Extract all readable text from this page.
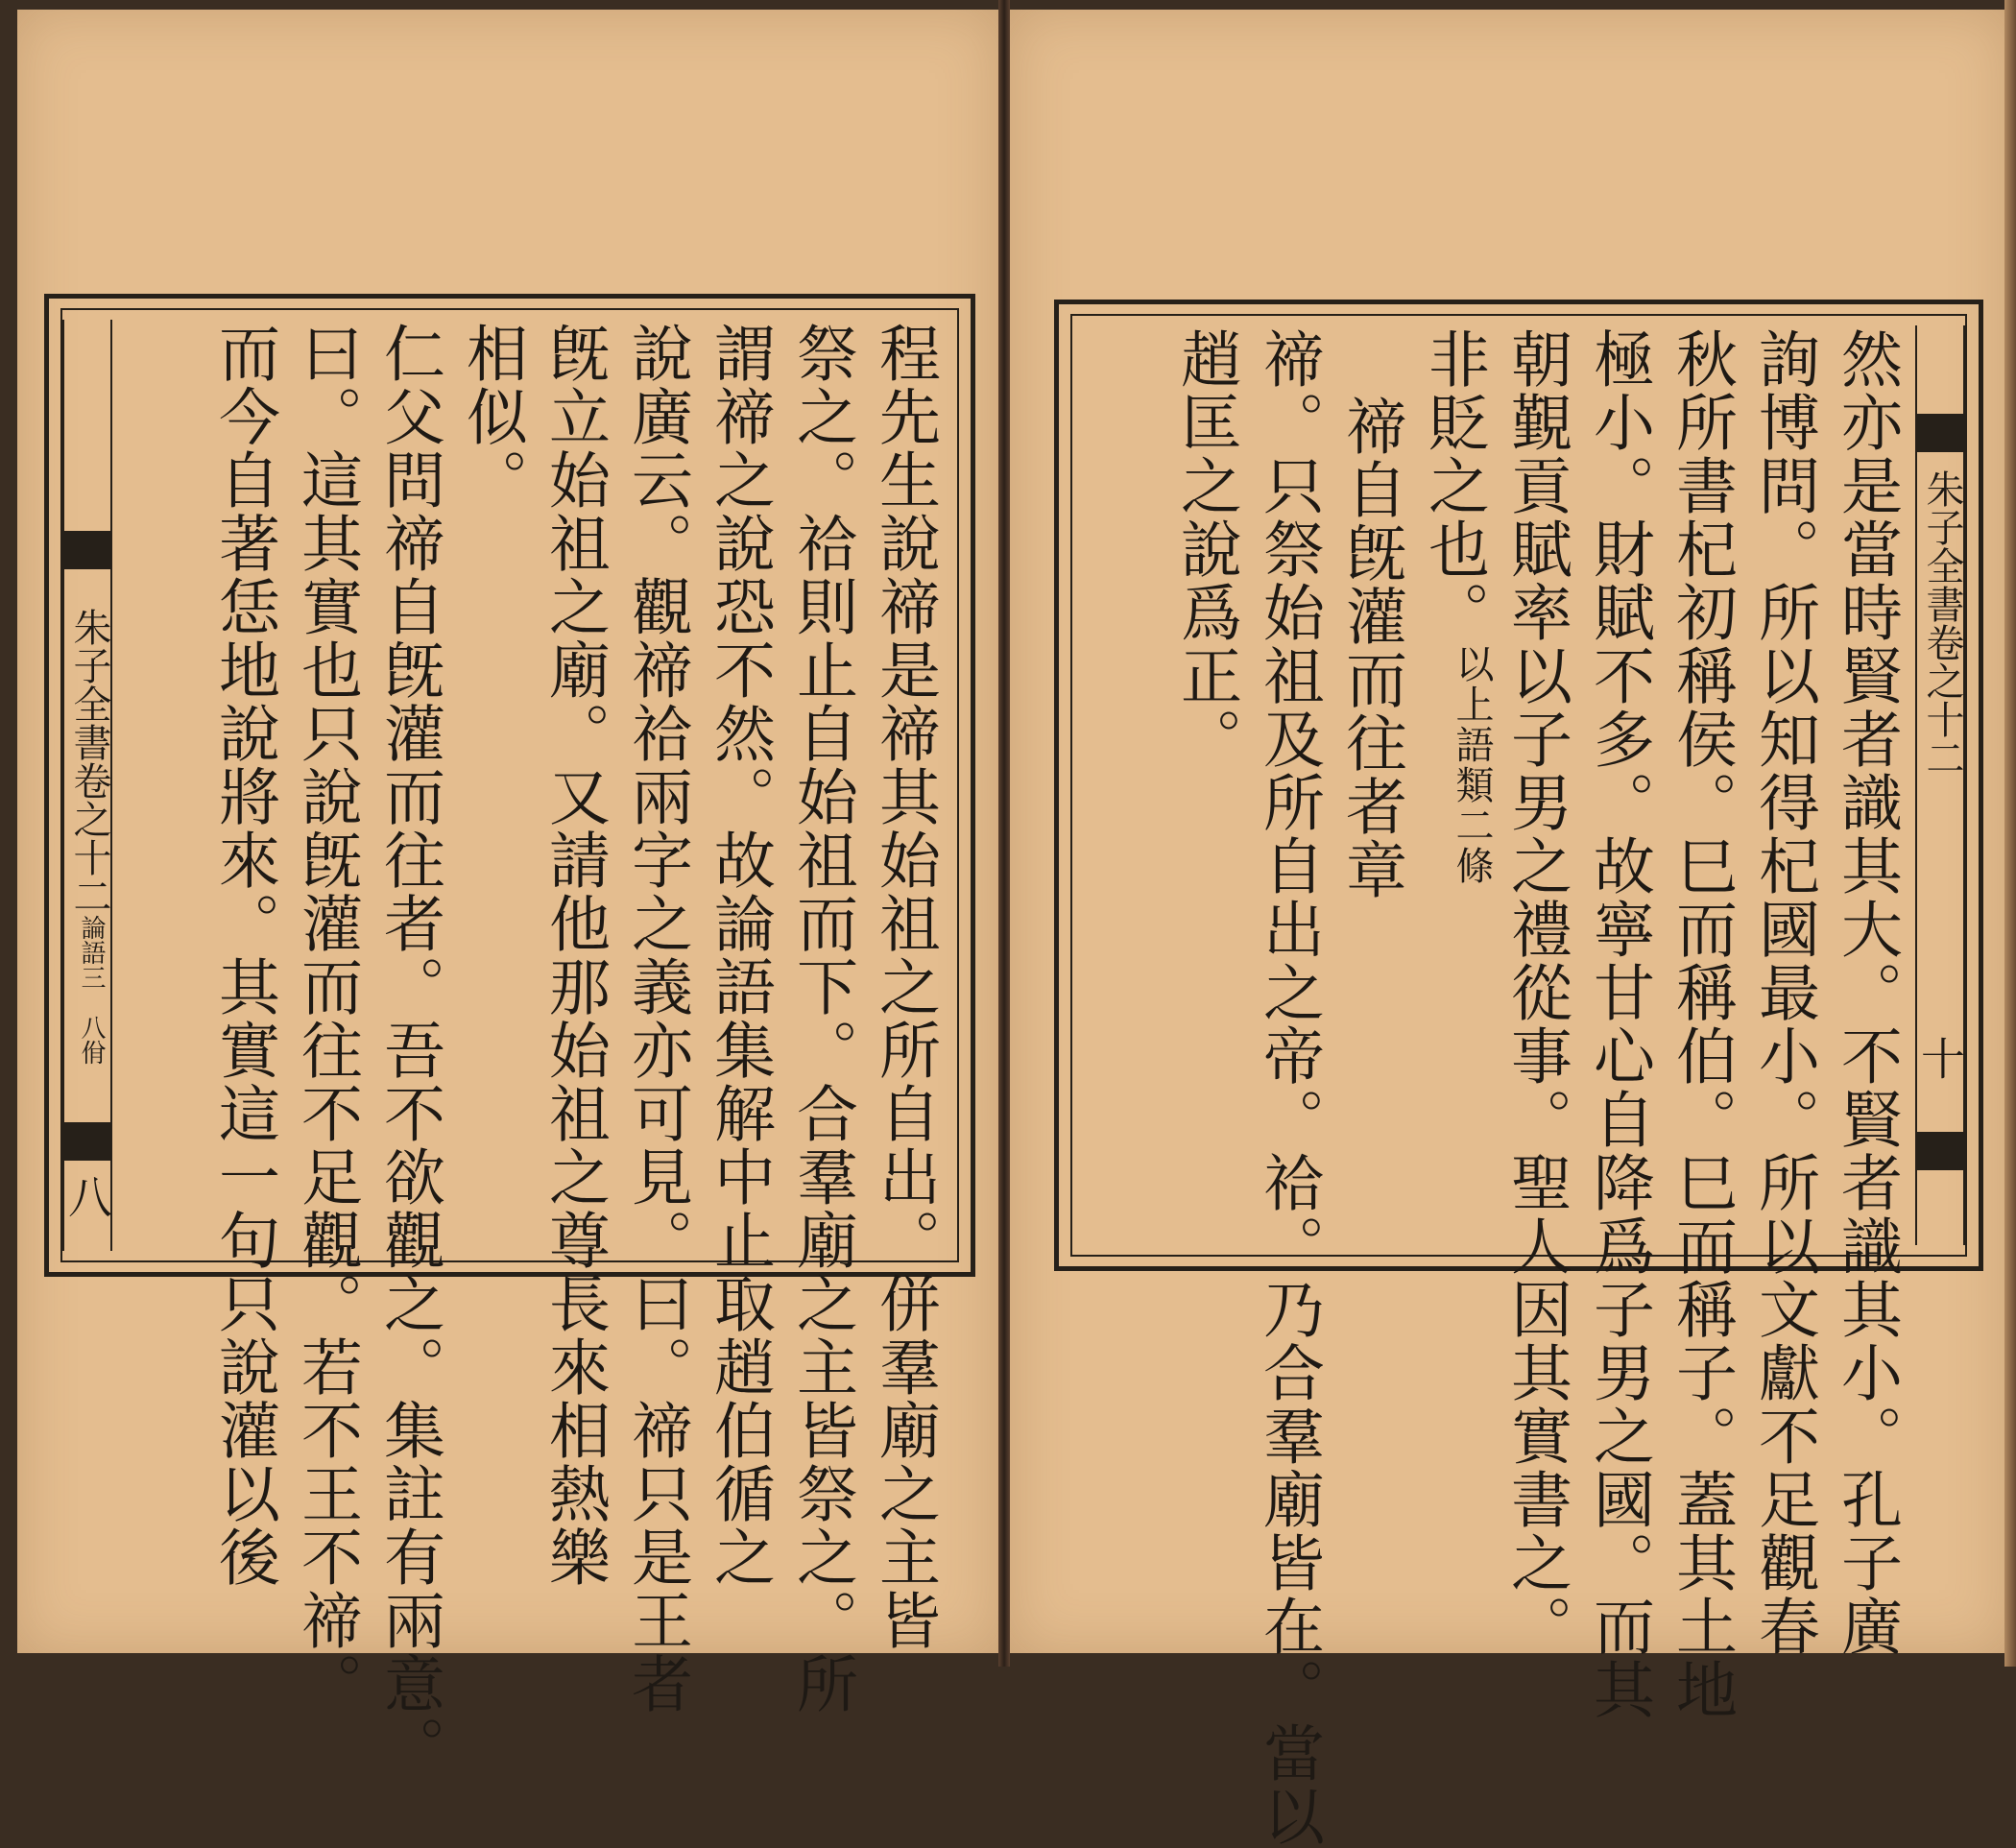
朱子全書卷之十二
論語三　八佾
八	程先生說禘是禘其始祖之所自出。併羣廟之主皆
祭之。祫則止自始祖而下。合羣廟之主皆祭之。所
謂禘之說恐不然。故論語集解中止取趙伯循之
說廣云。觀禘祫兩字之義亦可見。曰。禘只是王者
旣立始祖之廟。又請他那始祖之尊長來相熱樂
相似。
仁父問禘自旣灌而往者。吾不欲觀之。集註有兩意。
曰。這其實也只說旣灌而往不足觀。若不王不禘。
而今自著恁地說將來。其實這一句只說灌以後	朱子全書卷之十二
十
然亦是當時賢者識其大。不賢者識其小。孔子廣
詢博問。所以知得杞國最小。所以文獻不足觀春
秋所書杞初稱侯。巳而稱伯。巳而稱子。蓋其土地
極小。財賦不多。故寧甘心自降爲子男之國。而其
朝覲貢賦率以子男之禮從事。聖人因其實書之。
非貶之也。
以上語類二條
禘自旣灌而往者章
禘。只祭始祖及所自出之帝。祫。乃合羣廟皆在。當以
趙匡之說爲正。
